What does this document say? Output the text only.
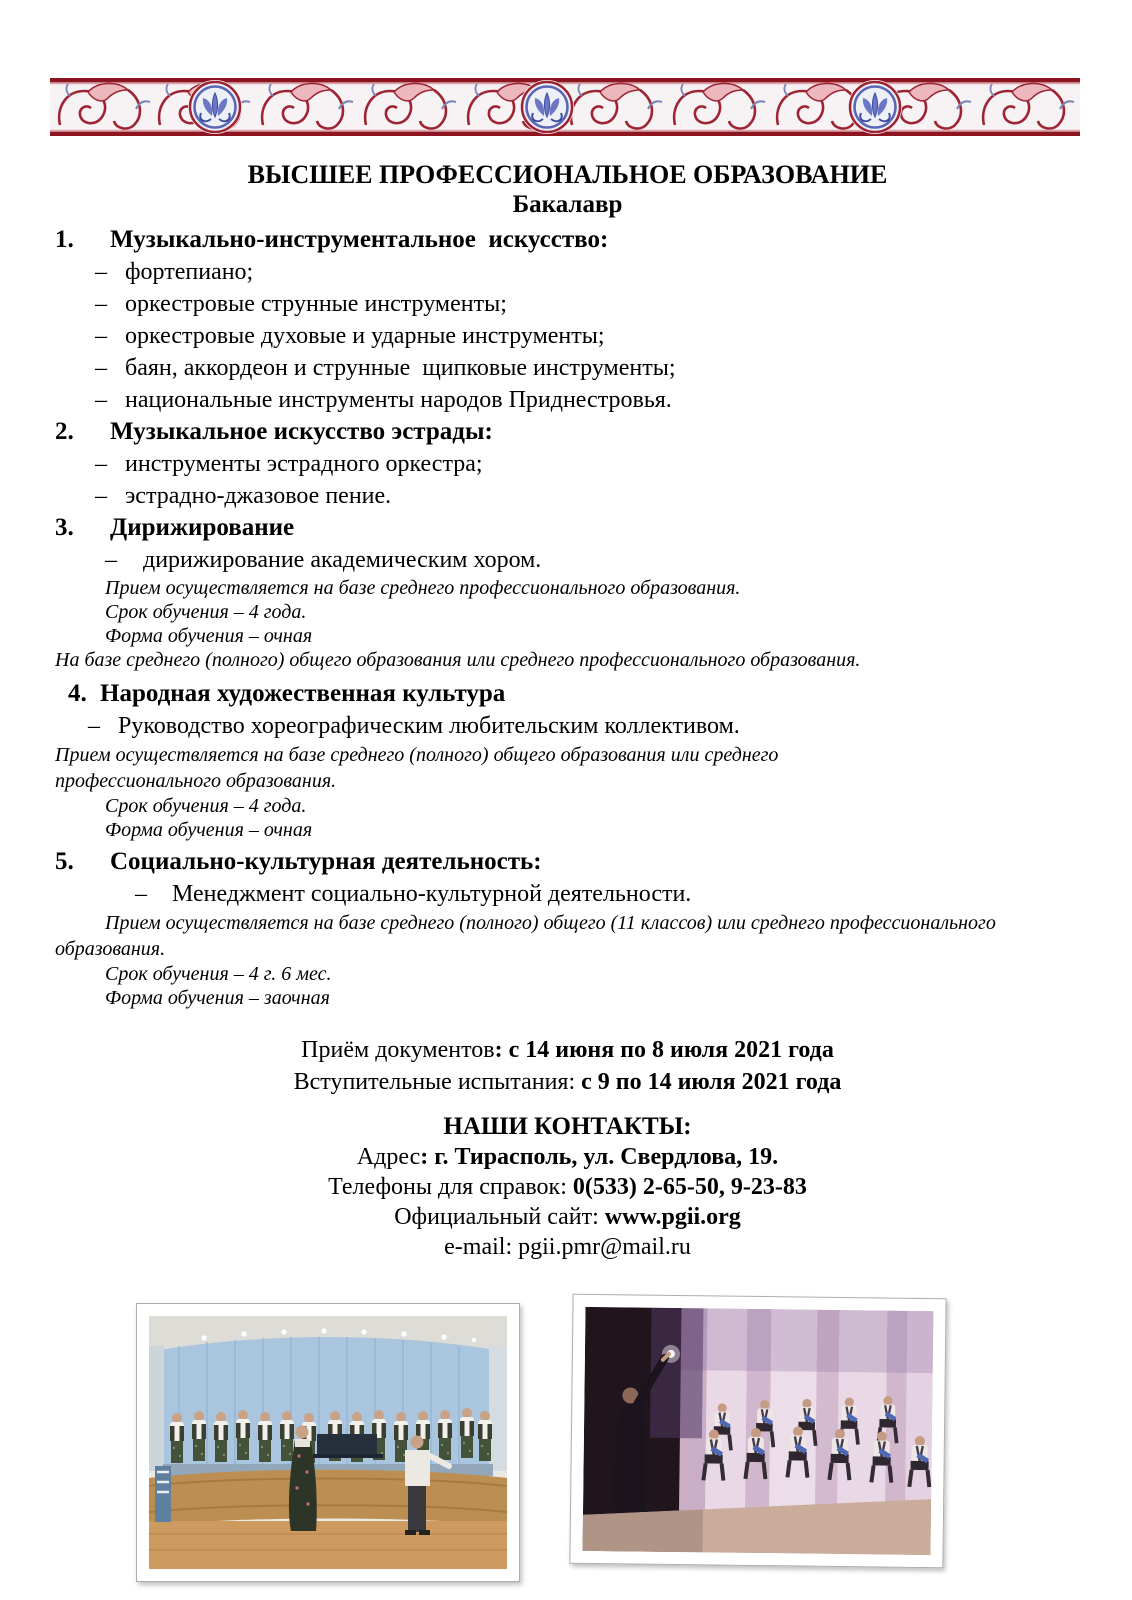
ВЫСШЕЕ ПРОФЕССИОНАЛЬНОЕ ОБРАЗОВАНИЕ
Бакалавр
1.	Музыкально-инструментальное  искусство:
– фортепиано;
– оркестровые струнные инструменты;
– оркестровые духовые и ударные инструменты;
– баян, аккордеон и струнные  щипковые инструменты;
– национальные инструменты народов Приднестровья.
2.	Музыкальное искусство эстрады:
– инструменты эстрадного оркестра;
– эстрадно-джазовое пение.
3.	Дирижирование
–	дирижирование академическим хором.
Прием осуществляется на базе среднего профессионального образования.
Срок обучения – 4 года.
Форма обучения – очная
На базе среднего (полного) общего образования или среднего профессионального образования.
4. Народная художественная культура
– Руководство хореографическим любительским коллективом.
Прием осуществляется на базе среднего (полного) общего образования или среднего профессионального образования.
Срок обучения – 4 года.
Форма обучения – очная
5.	Социально-культурная деятельность:
–	Менеджмент социально-культурной деятельности.
Прием осуществляется на базе среднего (полного) общего (11 классов) или среднего профессионального образования.
Срок обучения – 4 г. 6 мес.
Форма обучения – заочная
Приём документов: с 14 июня по 8 июля 2021 года
Вступительные испытания: с 9 по 14 июля 2021 года
НАШИ КОНТАКТЫ:
Адрес: г. Тирасполь, ул. Свердлова, 19.
Телефоны для справок: 0(533) 2-65-50, 9-23-83
Официальный сайт: www.pgii.org
e-mail: pgii.pmr@mail.ru
